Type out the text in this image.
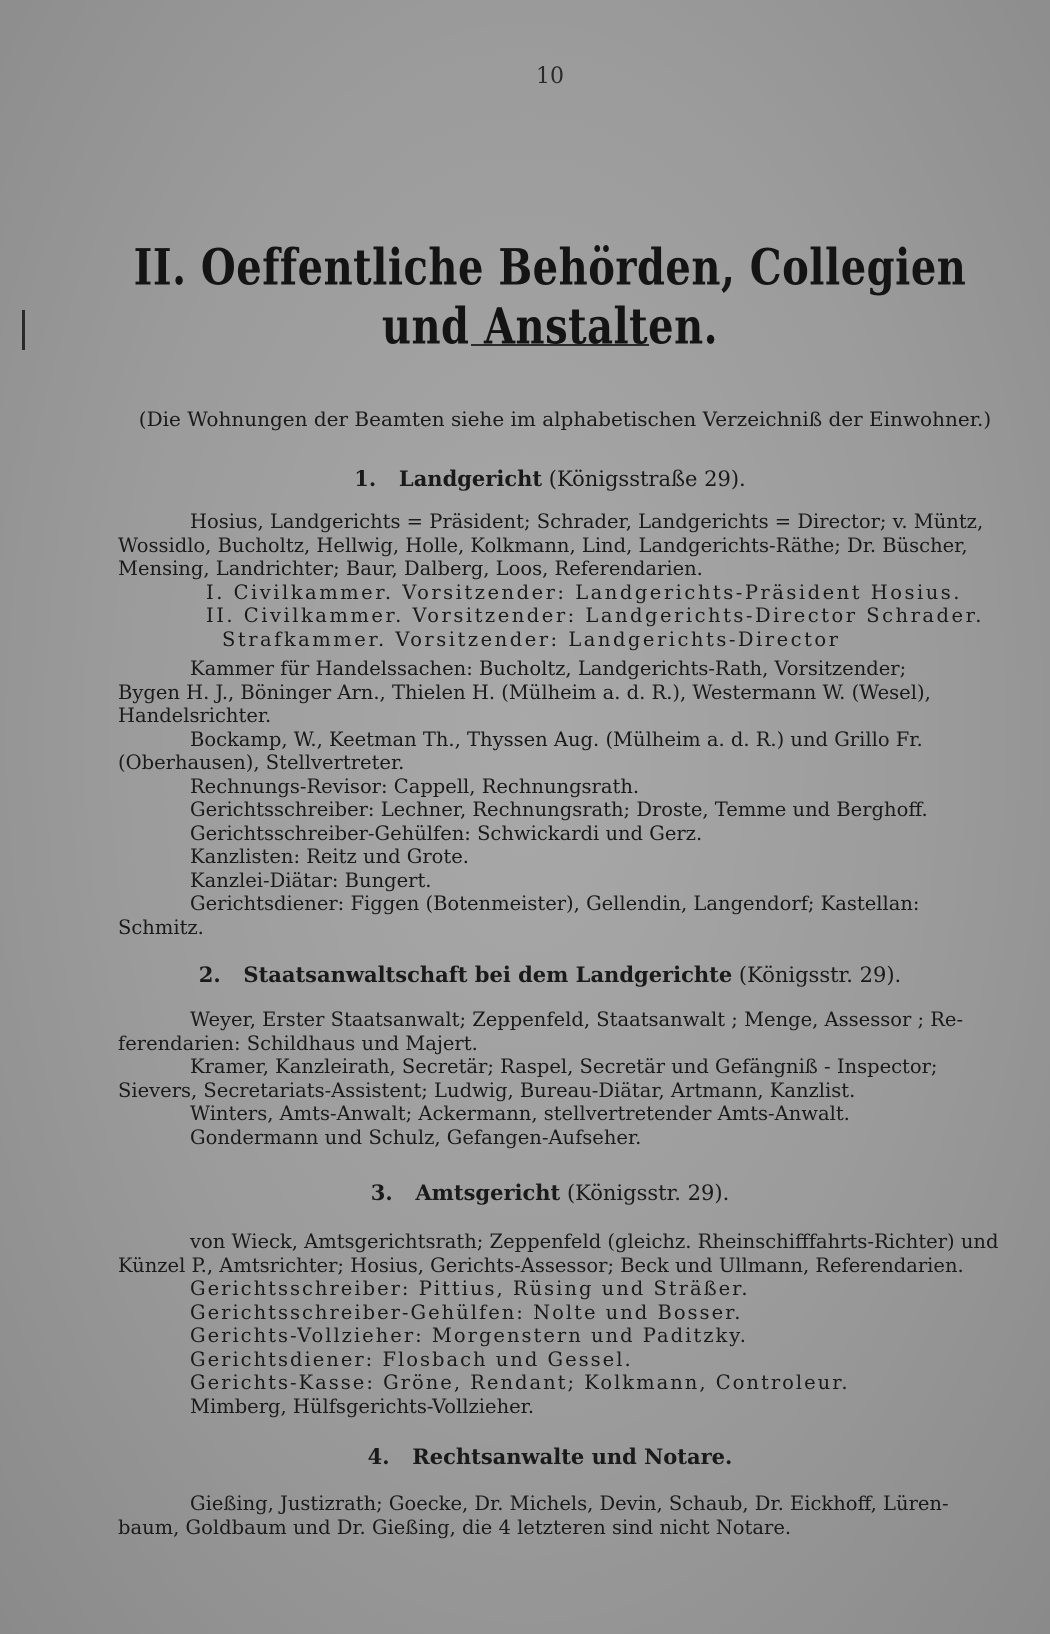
10
II. Oeffentliche Behörden, Collegien und Anstalten.
(Die Wohnungen der Beamten siehe im alphabetischen Verzeichniß der Einwohner.)
1. Landgericht (Königsstraße 29).
Hosius, Landgerichts = Präsident; Schrader, Landgerichts = Director; v. Müntz,
Wossidlo, Bucholtz, Hellwig, Holle, Kolkmann, Lind, Landgerichts-Räthe; Dr. Büscher,
Mensing, Landrichter; Baur, Dalberg, Loos, Referendarien.
I. Civilkammer. Vorsitzender: Landgerichts-Präsident Hosius.
II. Civilkammer. Vorsitzender: Landgerichts-Director Schrader.
Strafkammer. Vorsitzender: Landgerichts-Director
Kammer für Handelssachen: Bucholtz, Landgerichts-Rath, Vorsitzender;
Bygen H. J., Böninger Arn., Thielen H. (Mülheim a. d. R.), Westermann W. (Wesel),
Handelsrichter.
Bockamp, W., Keetman Th., Thyssen Aug. (Mülheim a. d. R.) und Grillo Fr.
(Oberhausen), Stellvertreter.
Rechnungs-Revisor: Cappell, Rechnungsrath.
Gerichtsschreiber: Lechner, Rechnungsrath; Droste, Temme und Berghoff.
Gerichtsschreiber-Gehülfen: Schwickardi und Gerz.
Kanzlisten: Reitz und Grote.
Kanzlei-Diätar: Bungert.
Gerichtsdiener: Figgen (Botenmeister), Gellendin, Langendorf; Kastellan:
Schmitz.
2. Staatsanwaltschaft bei dem Landgerichte (Königsstr. 29).
Weyer, Erster Staatsanwalt; Zeppenfeld, Staatsanwalt ; Menge, Assessor ; Re-
ferendarien: Schildhaus und Majert.
Kramer, Kanzleirath, Secretär; Raspel, Secretär und Gefängniß - Inspector;
Sievers, Secretariats-Assistent; Ludwig, Bureau-Diätar, Artmann, Kanzlist.
Winters, Amts-Anwalt; Ackermann, stellvertretender Amts-Anwalt.
Gondermann und Schulz, Gefangen-Aufseher.
3. Amtsgericht (Königsstr. 29).
von Wieck, Amtsgerichtsrath; Zeppenfeld (gleichz. Rheinschifffahrts-Richter) und
Künzel P., Amtsrichter; Hosius, Gerichts-Assessor; Beck und Ullmann, Referendarien.
Gerichtsschreiber: Pittius, Rüsing und Sträßer.
Gerichtsschreiber-Gehülfen: Nolte und Bosser.
Gerichts-Vollzieher: Morgenstern und Paditzky.
Gerichtsdiener: Flosbach und Gessel.
Gerichts-Kasse: Gröne, Rendant; Kolkmann, Controleur.
Mimberg, Hülfsgerichts-Vollzieher.
4. Rechtsanwalte und Notare.
Gießing, Justizrath; Goecke, Dr. Michels, Devin, Schaub, Dr. Eickhoff, Lüren-
baum, Goldbaum und Dr. Gießing, die 4 letzteren sind nicht Notare.
